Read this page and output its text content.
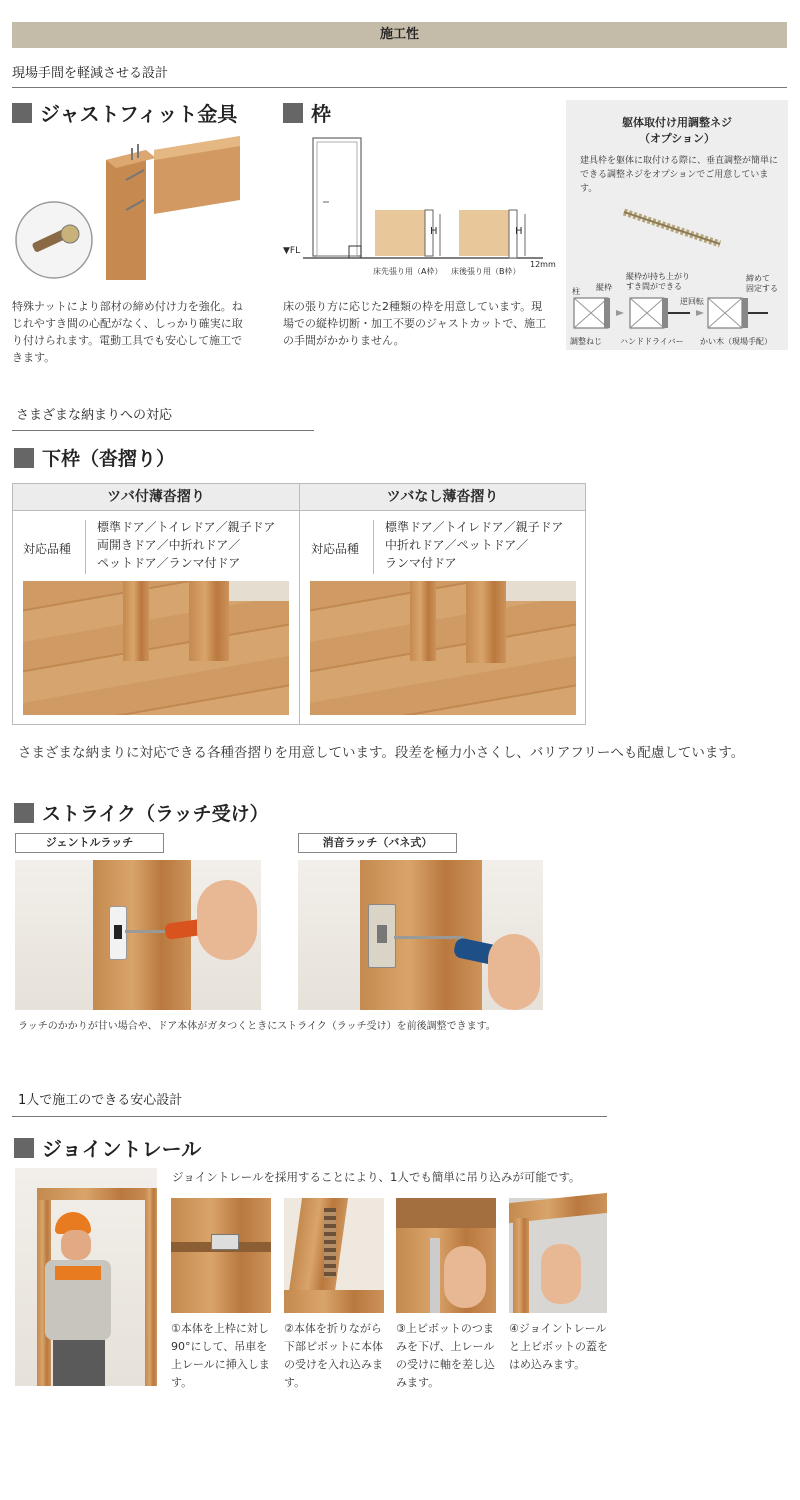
施工性
現場手間を軽減させる設計
ジャストフィット金具
特殊ナットにより部材の締め付け力を強化。ねじれやすき間の心配がなく、しっかり確実に取り付けられます。電動工具でも安心して施工できます。
枠
▼FL
H	H
床先張り用（A枠） 床後張り用（B枠）
12mm
床の張り方に応じた2種類の枠を用意しています。現場での縦枠切断・加工不要のジャストカットで、施工の手間がかかりません。
躯体取付け用調整ネジ
（オプション）
建具枠を躯体に取付ける際に、垂直調整が簡単にできる調整ネジをオプションでご用意しています。
柱 縦枠
縦枠が持ち上がり
すき間ができる
逆回転
締めて
固定する
調整ねじ ハンドドライバー かい木（現場手配）
さまざまな納まりへの対応
下枠（沓摺り）
ツバ付薄沓摺り	ツバなし薄沓摺り
対応品種
標準ドア／トイレドア／親子ドア
両開きドア／中折れドア／
ペットドア／ランマ付ドア
対応品種
標準ドア／トイレドア／親子ドア
中折れドア／ペットドア／
ランマ付ドア
さまざまな納まりに対応できる各種沓摺りを用意しています。段差を極力小さくし、バリアフリーへも配慮しています。
ストライク（ラッチ受け）
ジェントルラッチ	消音ラッチ（バネ式）
ラッチのかかりが甘い場合や、ドア本体がガタつくときにストライク（ラッチ受け）を前後調整できます。
1人で施工のできる安心設計
ジョイントレール
ジョイントレールを採用することにより、1人でも簡単に吊り込みが可能です。
①本体を上枠に対し90°にして、吊車を上レールに挿入します。
②本体を折りながら下部ピボットに本体の受けを入れ込みます。
③上ピボットのつまみを下げ、上レールの受けに軸を差し込みます。
④ジョイントレールと上ピボットの蓋をはめ込みます。
